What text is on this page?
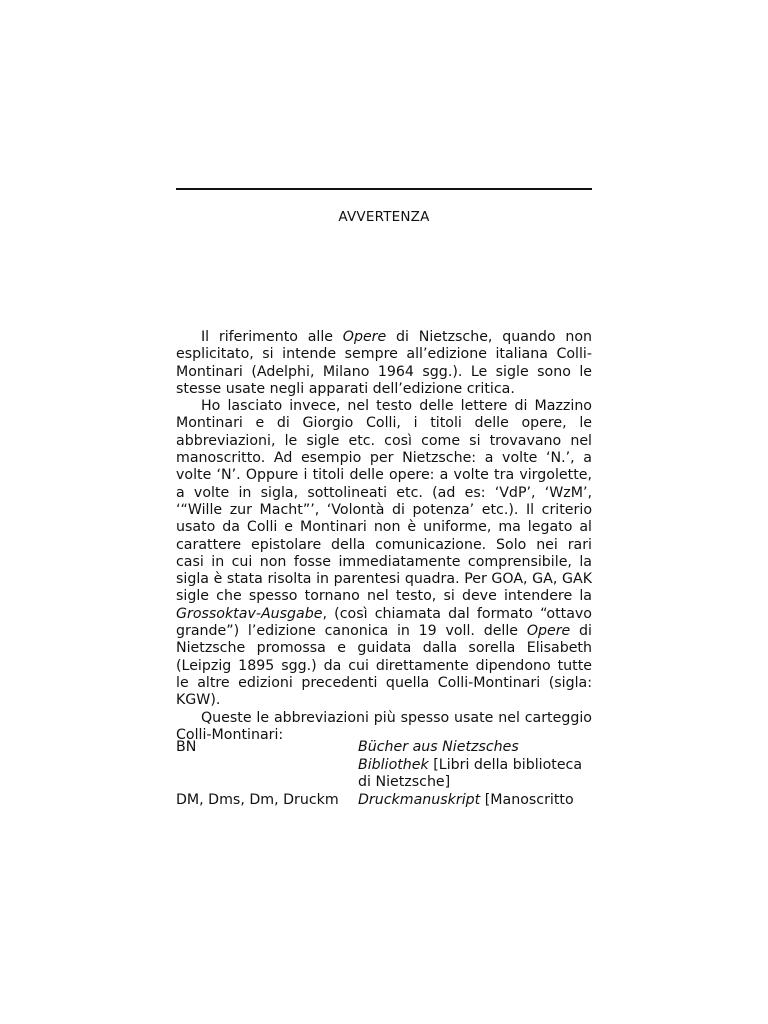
AVVERTENZA

Il riferimento alle Opere di Nietzsche, quando non esplicitato, si intende sempre all’edizione italiana Colli-Montinari (Adelphi, Milano 1964 sgg.). Le sigle sono le stesse usate negli apparati dell’edizione critica.

Ho lasciato invece, nel testo delle lettere di Mazzino Montinari e di Giorgio Colli, i titoli delle opere, le abbreviazioni, le sigle etc. così come si trovavano nel manoscritto. Ad esempio per Nietzsche: a volte ‘N.’, a volte ‘N’. Oppure i titoli delle opere: a volte tra virgolette, a volte in sigla, sottolineati etc. (ad es: ‘VdP’, ‘WzM’, ‘“Wille zur Macht”’, ‘Volontà di potenza’ etc.). Il criterio usato da Colli e Montinari non è uniforme, ma legato al carattere epistolare della comunicazione. Solo nei rari casi in cui non fosse immediatamente comprensibile, la sigla è stata risolta in parentesi quadra. Per GOA, GA, GAK sigle che spesso tornano nel testo, si deve intendere la Grossoktav-Ausgabe, (così chiamata dal formato “ottavo grande”) l’edizione canonica in 19 voll. delle Opere di Nietzsche promossa e guidata dalla sorella Elisabeth (Leipzig 1895 sgg.) da cui direttamente dipendono tutte le altre edizioni precedenti quella Colli-Montinari (sigla: KGW).

Queste le abbreviazioni più spesso usate nel carteggio Colli-Montinari:

BN	Bücher aus Nietzsches Bibliothek [Libri della biblioteca di Nietzsche]
DM, Dms, Dm, Druckm	Druckmanuskript [Manoscritto
